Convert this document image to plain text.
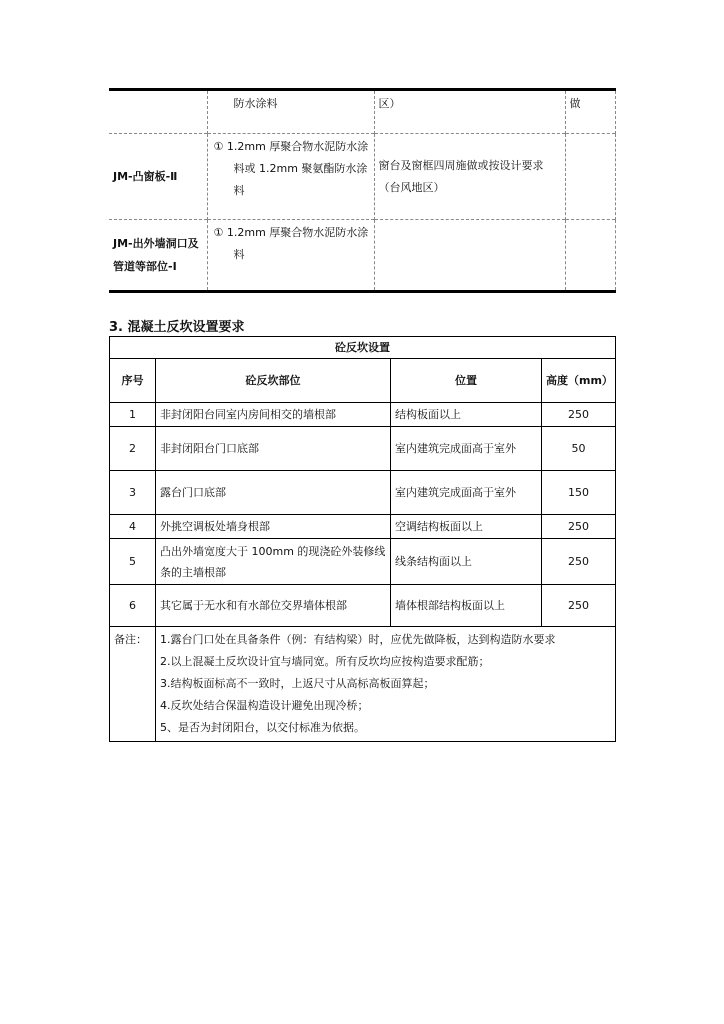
	防水涂料	区）	做
JM-凸窗板-Ⅱ	① 1.2mm 厚聚合物水泥防水涂料或 1.2mm 聚氨酯防水涂料	窗台及窗框四周施做或按设计要求（台风地区）	
JM-出外墙洞口及管道等部位-Ⅰ	① 1.2mm 厚聚合物水泥防水涂料		
3. 混凝土反坎设置要求
砼反坎设置			
序号	砼反坎部位	位置	高度（mm）
1	非封闭阳台同室内房间相交的墙根部	结构板面以上	250
2	非封闭阳台门口底部	室内建筑完成面高于室外	50
3	露台门口底部	室内建筑完成面高于室外	150
4	外挑空调板处墙身根部	空调结构板面以上	250
5	凸出外墙宽度大于 100mm 的现浇砼外装修线条的主墙根部	线条结构面以上	250
6	其它属于无水和有水部位交界墙体根部	墙体根部结构板面以上	250
备注：	1.露台门口处在具备条件（例：有结构梁）时，应优先做降板，达到构造防水要求
2.以上混凝土反坎设计宜与墙同宽。所有反坎均应按构造要求配筋；
3.结构板面标高不一致时，上返尺寸从高标高板面算起；
4.反坎处结合保温构造设计避免出现冷桥；
5、是否为封闭阳台，以交付标准为依据。		
